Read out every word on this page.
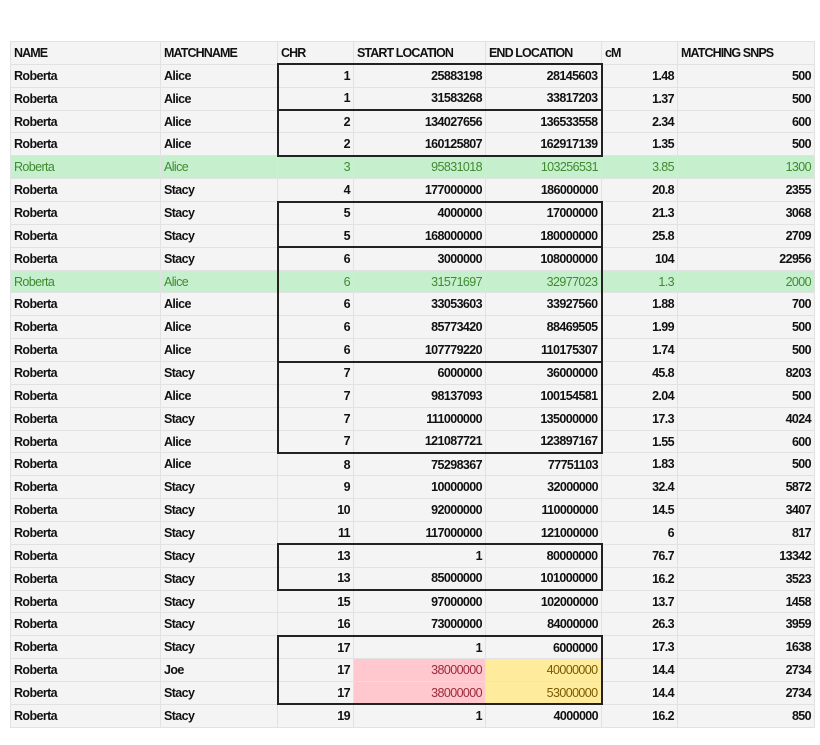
NAME	MATCHNAME	CHR	START LOCATION	END LOCATION	cM	MATCHING SNPS
Roberta	Alice	1	25883198	28145603	1.48	500
Roberta	Alice	1	31583268	33817203	1.37	500
Roberta	Alice	2	134027656	136533558	2.34	600
Roberta	Alice	2	160125807	162917139	1.35	500
Roberta	Alice	3	95831018	103256531	3.85	1300
Roberta	Stacy	4	177000000	186000000	20.8	2355
Roberta	Stacy	5	4000000	17000000	21.3	3068
Roberta	Stacy	5	168000000	180000000	25.8	2709
Roberta	Stacy	6	3000000	108000000	104	22956
Roberta	Alice	6	31571697	32977023	1.3	2000
Roberta	Alice	6	33053603	33927560	1.88	700
Roberta	Alice	6	85773420	88469505	1.99	500
Roberta	Alice	6	107779220	110175307	1.74	500
Roberta	Stacy	7	6000000	36000000	45.8	8203
Roberta	Alice	7	98137093	100154581	2.04	500
Roberta	Stacy	7	111000000	135000000	17.3	4024
Roberta	Alice	7	121087721	123897167	1.55	600
Roberta	Alice	8	75298367	77751103	1.83	500
Roberta	Stacy	9	10000000	32000000	32.4	5872
Roberta	Stacy	10	92000000	110000000	14.5	3407
Roberta	Stacy	11	117000000	121000000	6	817
Roberta	Stacy	13	1	80000000	76.7	13342
Roberta	Stacy	13	85000000	101000000	16.2	3523
Roberta	Stacy	15	97000000	102000000	13.7	1458
Roberta	Stacy	16	73000000	84000000	26.3	3959
Roberta	Stacy	17	1	6000000	17.3	1638
Roberta	Joe	17	38000000	40000000	14.4	2734
Roberta	Stacy	17	38000000	53000000	14.4	2734
Roberta	Stacy	19	1	4000000	16.2	850
